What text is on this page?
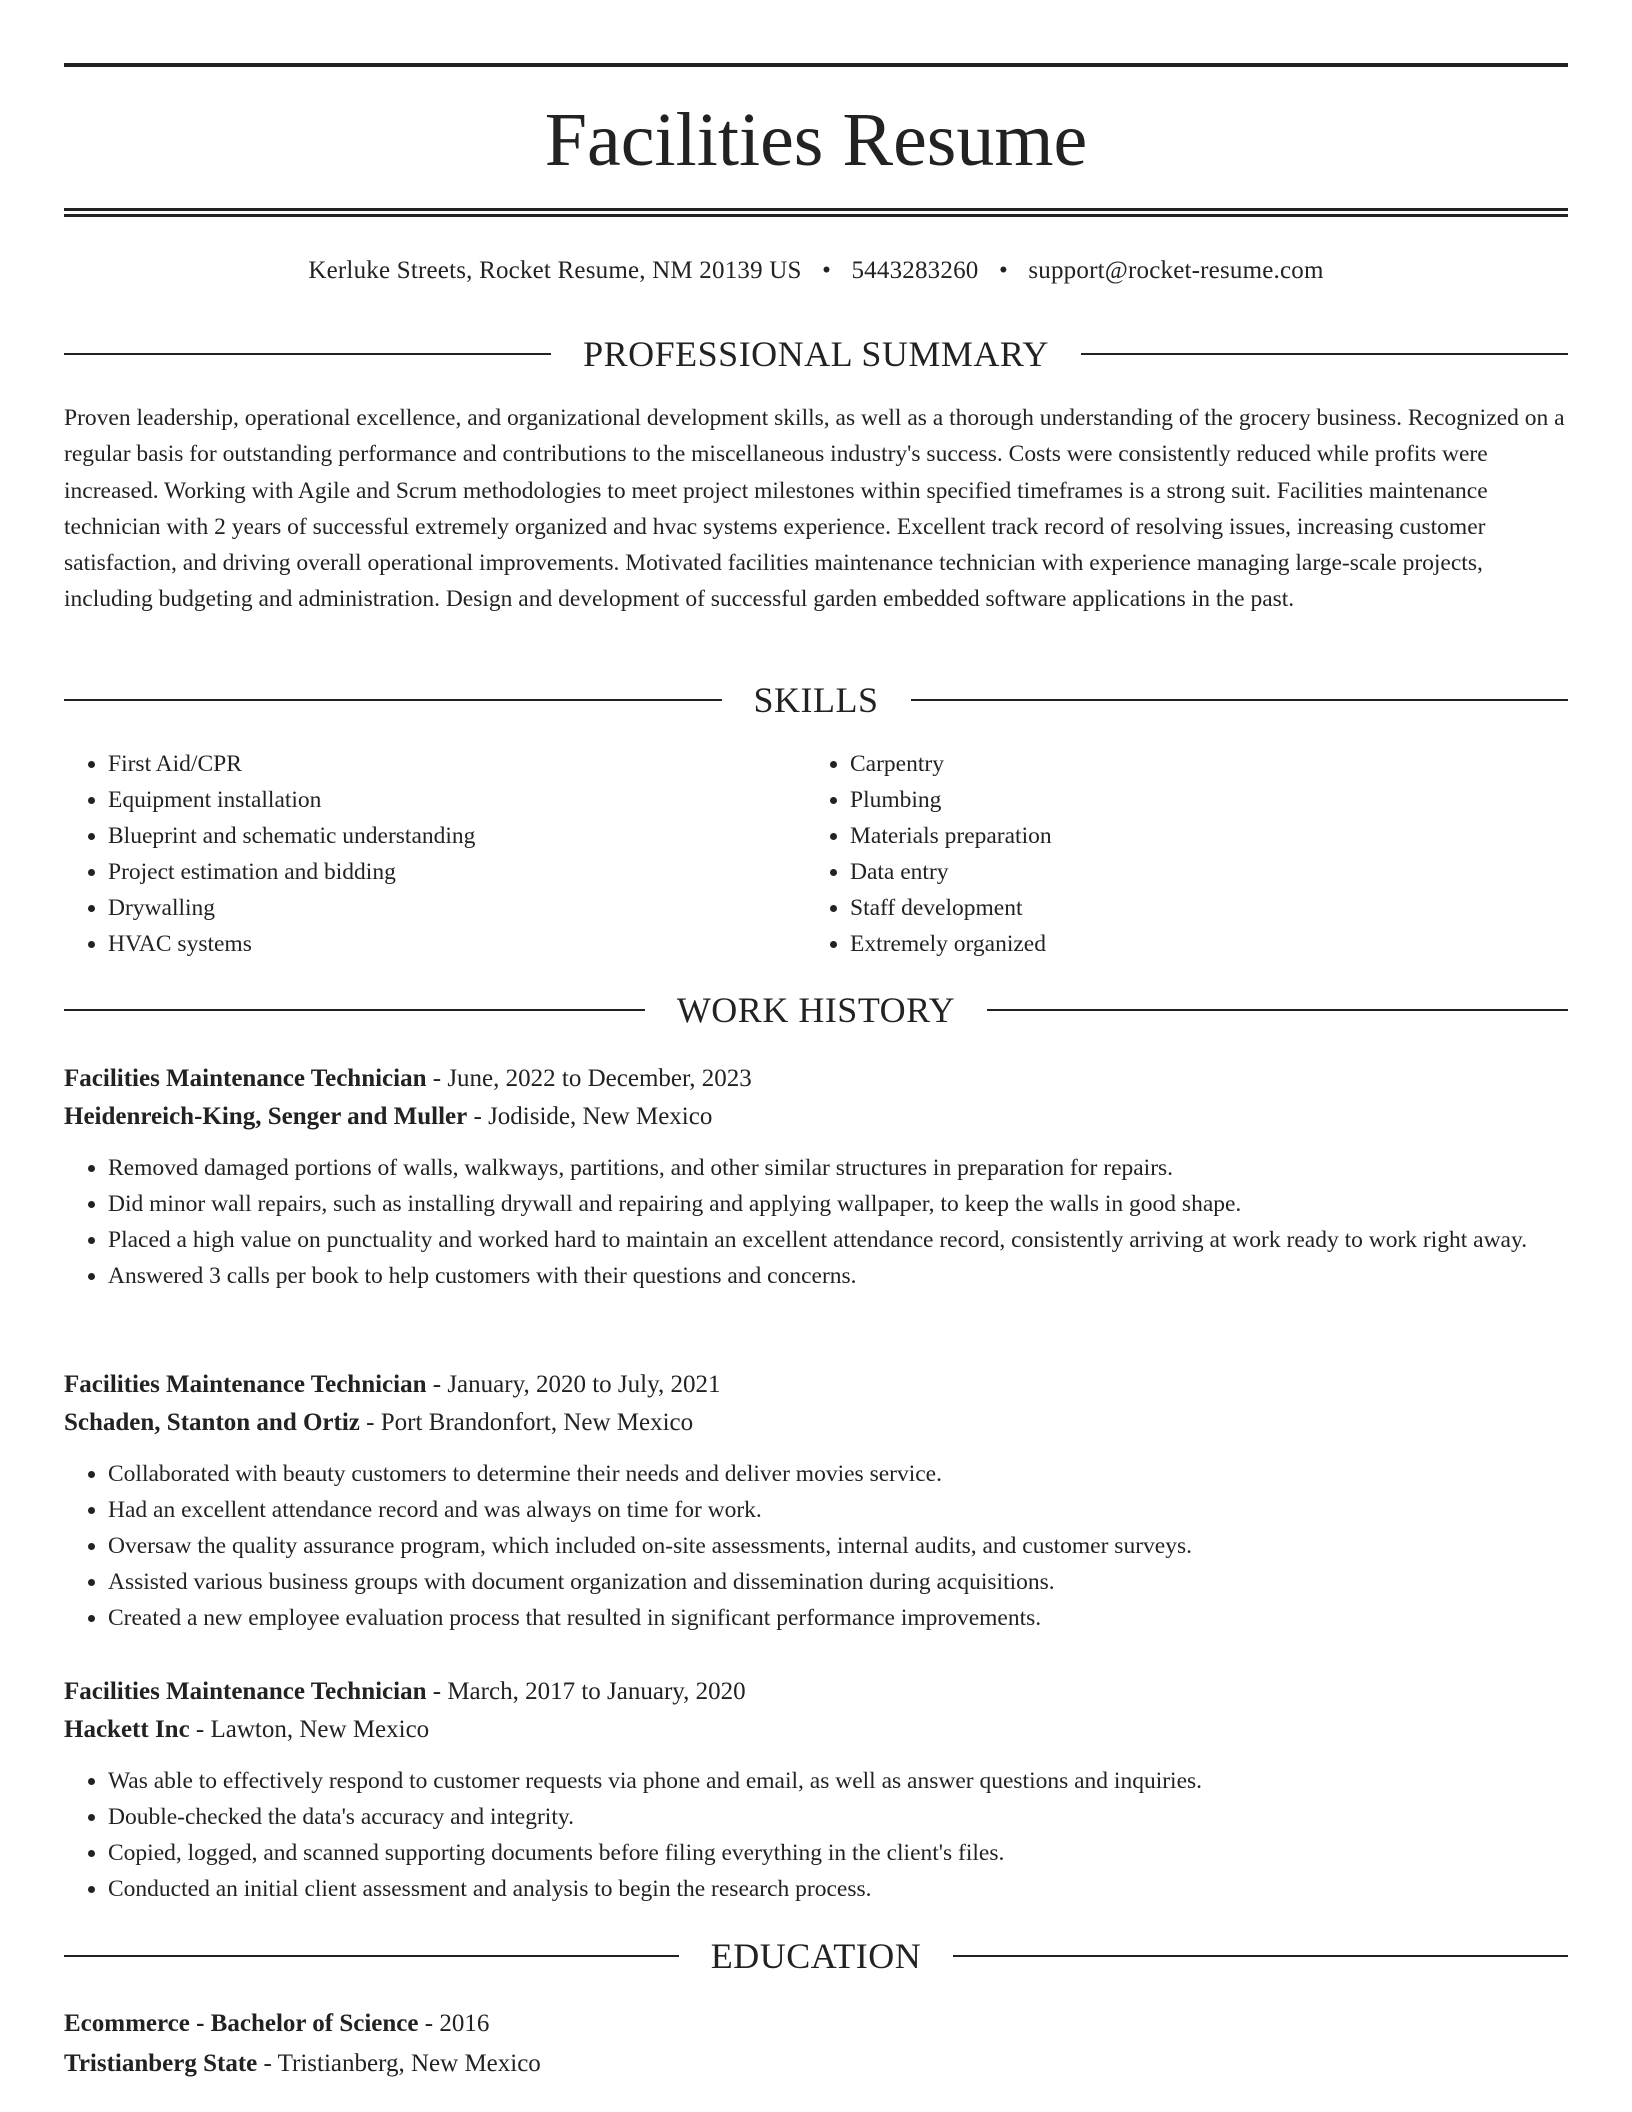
Facilities Resume
Kerluke Streets, Rocket Resume, NM 20139 US • 5443283260 • support@rocket-resume.com
PROFESSIONAL SUMMARY

Proven leadership, operational excellence, and organizational development skills, as well as a thorough understanding of the grocery business. Recognized on a regular basis for outstanding performance and contributions to the miscellaneous industry's success. Costs were consistently reduced while profits were increased. Working with Agile and Scrum methodologies to meet project milestones within specified timeframes is a strong suit. Facilities maintenance technician with 2 years of successful extremely organized and hvac systems experience. Excellent track record of resolving issues, increasing customer satisfaction, and driving overall operational improvements. Motivated facilities maintenance technician with experience managing large-scale projects, including budgeting and administration. Design and development of successful garden embedded software applications in the past.

SKILLS
• First Aid/CPR
• Equipment installation
• Blueprint and schematic understanding
• Project estimation and bidding
• Drywalling
• HVAC systems
• Carpentry
• Plumbing
• Materials preparation
• Data entry
• Staff development
• Extremely organized
WORK HISTORY
Facilities Maintenance Technician - June, 2022 to December, 2023
Heidenreich-King, Senger and Muller - Jodiside, New Mexico
• Removed damaged portions of walls, walkways, partitions, and other similar structures in preparation for repairs.
• Did minor wall repairs, such as installing drywall and repairing and applying wallpaper, to keep the walls in good shape.
• Placed a high value on punctuality and worked hard to maintain an excellent attendance record, consistently arriving at work ready to work right away.
• Answered 3 calls per book to help customers with their questions and concerns.
Facilities Maintenance Technician - January, 2020 to July, 2021
Schaden, Stanton and Ortiz - Port Brandonfort, New Mexico
• Collaborated with beauty customers to determine their needs and deliver movies service.
• Had an excellent attendance record and was always on time for work.
• Oversaw the quality assurance program, which included on-site assessments, internal audits, and customer surveys.
• Assisted various business groups with document organization and dissemination during acquisitions.
• Created a new employee evaluation process that resulted in significant performance improvements.
Facilities Maintenance Technician - March, 2017 to January, 2020
Hackett Inc - Lawton, New Mexico
• Was able to effectively respond to customer requests via phone and email, as well as answer questions and inquiries.
• Double-checked the data's accuracy and integrity.
• Copied, logged, and scanned supporting documents before filing everything in the client's files.
• Conducted an initial client assessment and analysis to begin the research process.
EDUCATION
Ecommerce - Bachelor of Science - 2016
Tristianberg State - Tristianberg, New Mexico
